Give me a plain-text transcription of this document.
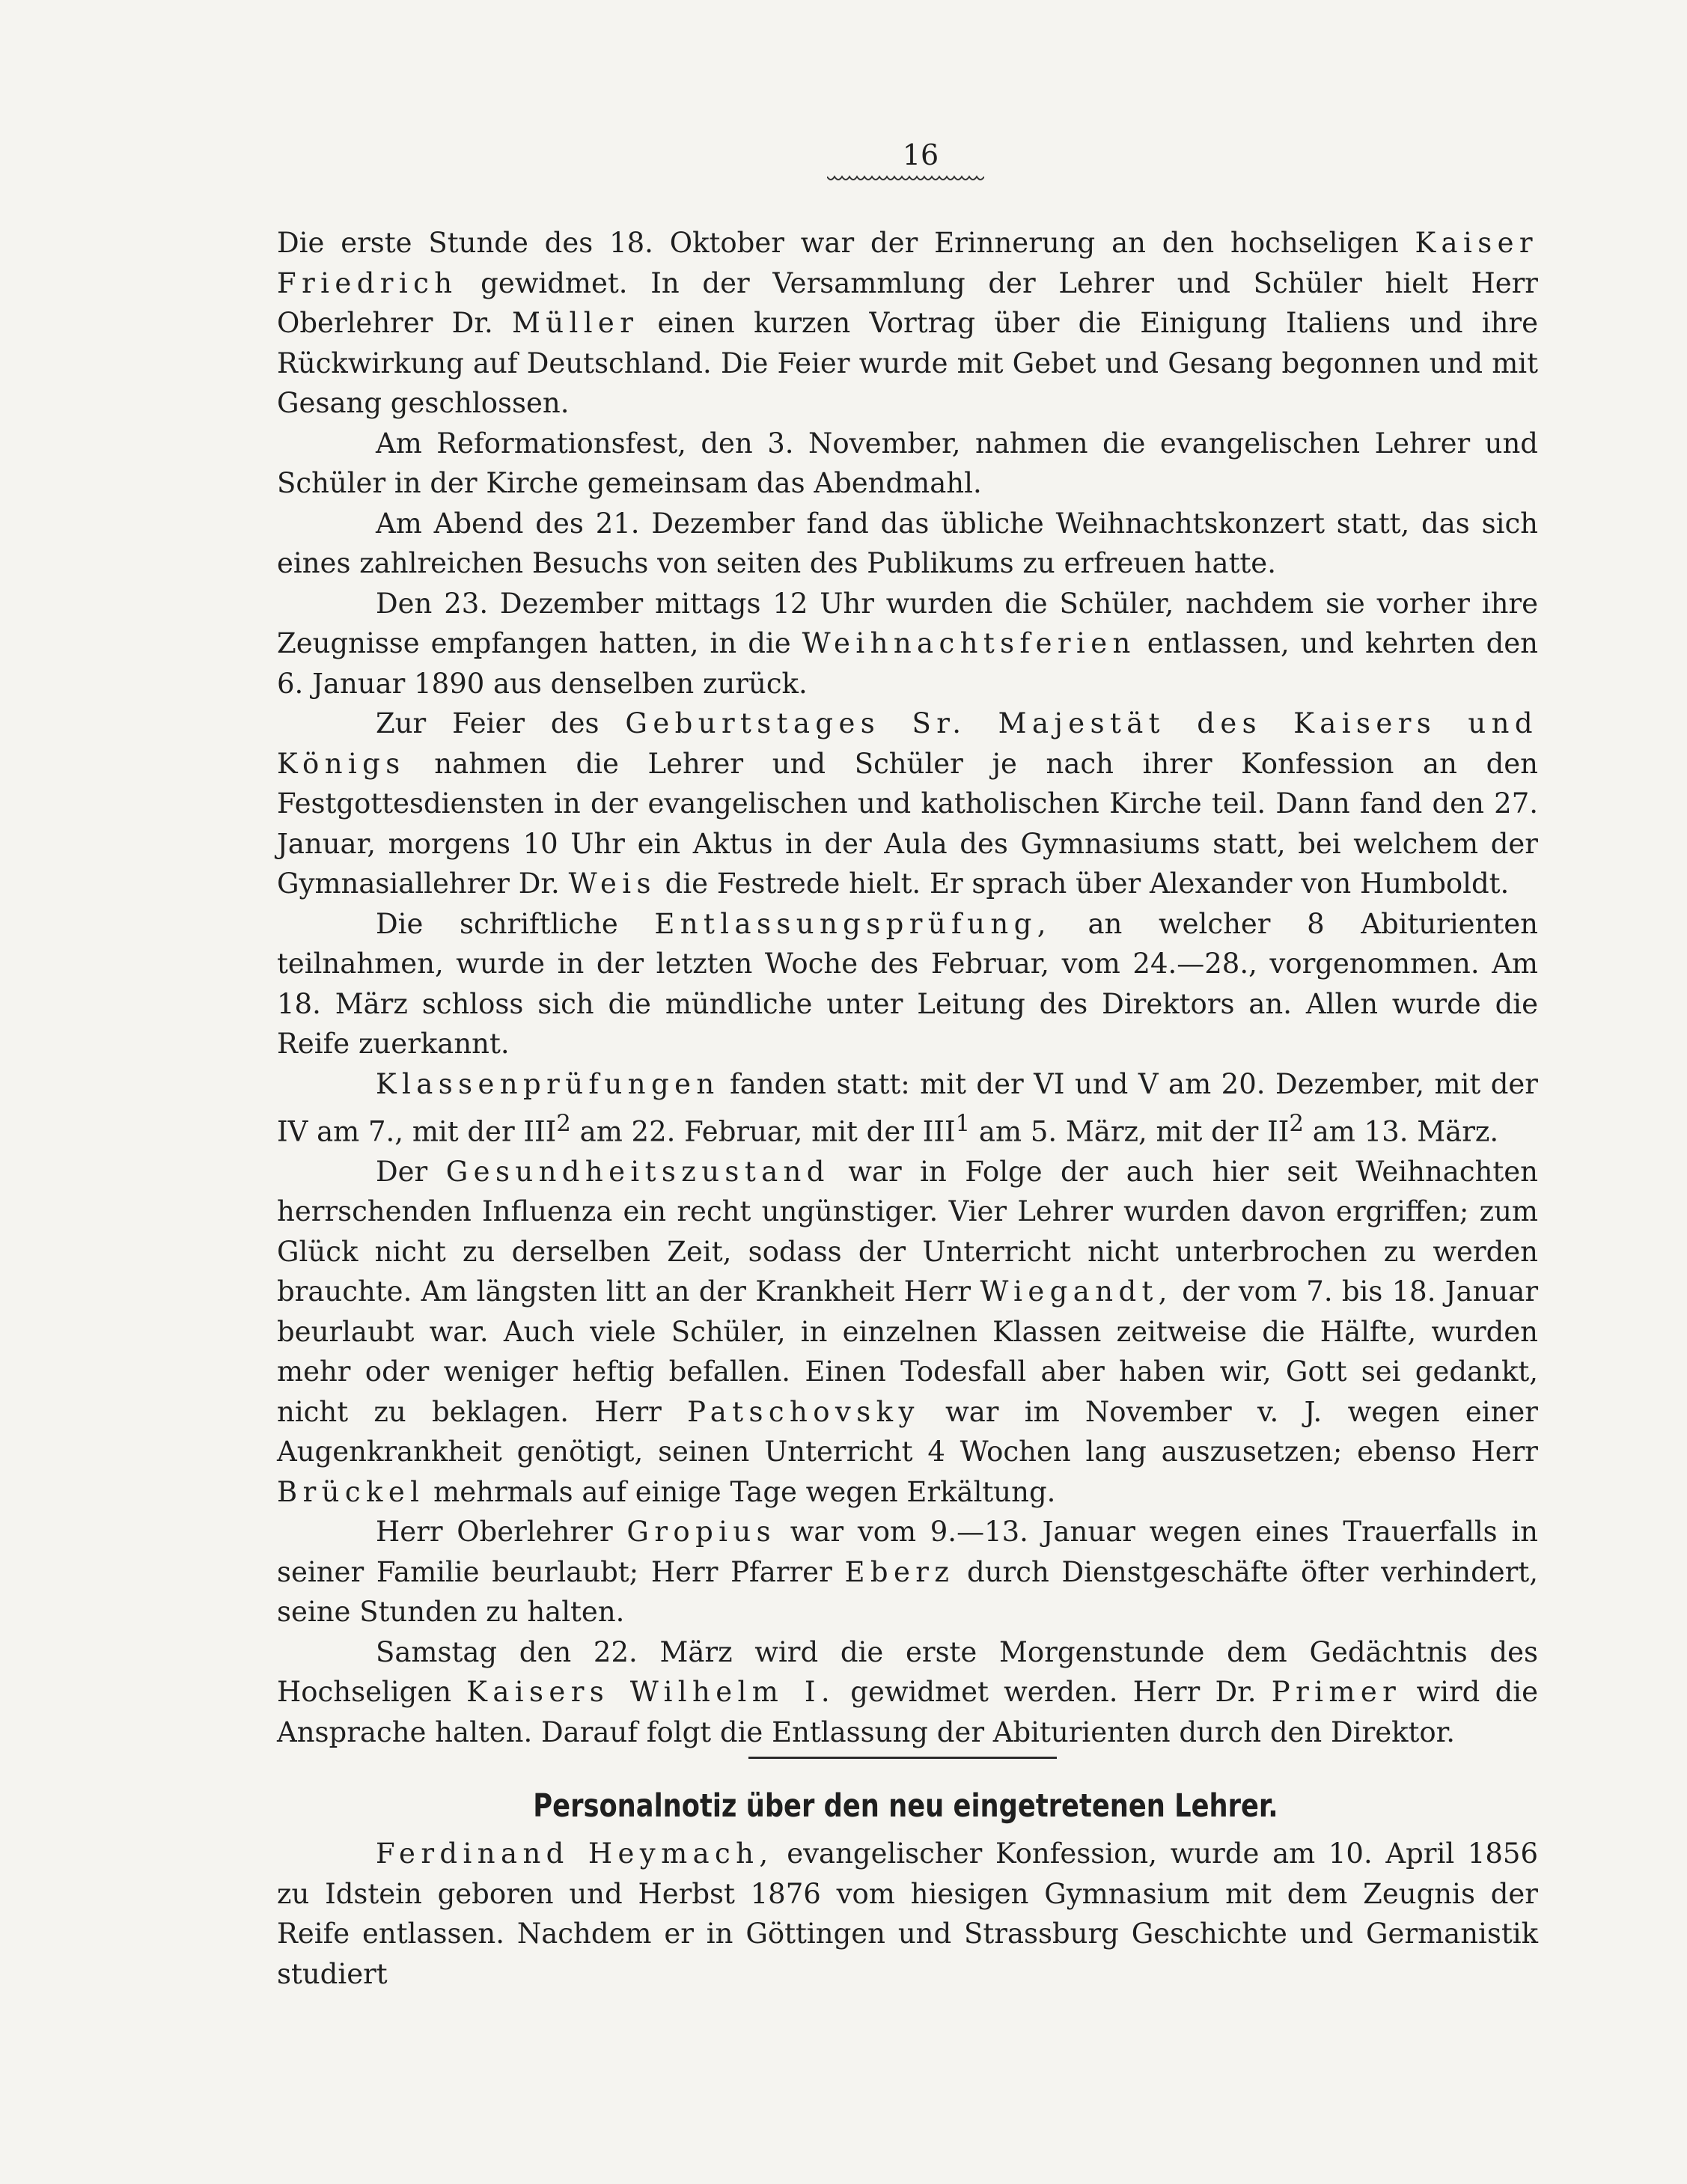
16

Die erste Stunde des 18. Oktober war der Erinnerung an den hochseligen Kaiser Friedrich gewidmet. In der Versammlung der Lehrer und Schüler hielt Herr Oberlehrer Dr. Müller einen kurzen Vortrag über die Einigung Italiens und ihre Rückwirkung auf Deutschland. Die Feier wurde mit Gebet und Gesang begonnen und mit Gesang geschlossen.

Am Reformationsfest, den 3. November, nahmen die evangelischen Lehrer und Schüler in der Kirche gemeinsam das Abendmahl.

Am Abend des 21. Dezember fand das übliche Weihnachtskonzert statt, das sich eines zahlreichen Besuchs von seiten des Publikums zu erfreuen hatte.

Den 23. Dezember mittags 12 Uhr wurden die Schüler, nachdem sie vorher ihre Zeugnisse empfangen hatten, in die Weihnachtsferien entlassen, und kehrten den 6. Januar 1890 aus denselben zurück.

Zur Feier des Geburtstages Sr. Majestät des Kaisers und Königs nahmen die Lehrer und Schüler je nach ihrer Konfession an den Festgottesdiensten in der evangelischen und katholischen Kirche teil. Dann fand den 27. Januar, morgens 10 Uhr ein Aktus in der Aula des Gymnasiums statt, bei welchem der Gymnasiallehrer Dr. Weis die Festrede hielt. Er sprach über Alexander von Humboldt.

Die schriftliche Entlassungsprüfung, an welcher 8 Abiturienten teilnahmen, wurde in der letzten Woche des Februar, vom 24.—28., vorgenommen. Am 18. März schloss sich die mündliche unter Leitung des Direktors an. Allen wurde die Reife zuerkannt.

Klassenprüfungen fanden statt: mit der VI und V am 20. Dezember, mit der IV am 7., mit der III$^2$ am 22. Februar, mit der III$^1$ am 5. März, mit der $II^2$ am 13. März.

Der Gesundheitszustand war in Folge der auch hier seit Weihnachten herrschenden Influenza ein recht ungünstiger. Vier Lehrer wurden davon ergriffen; zum Glück nicht zu derselben Zeit, sodass der Unterricht nicht unterbrochen zu werden brauchte. Am längsten litt an der Krankheit Herr Wiegandt, der vom 7. bis 18. Januar beurlaubt war. Auch viele Schüler, in einzelnen Klassen zeitweise die Hälfte, wurden mehr oder weniger heftig befallen. Einen Todesfall aber haben wir, Gott sei gedankt, nicht zu beklagen. Herr Patschovsky war im November v. J. wegen einer Augenkrankheit genötigt, seinen Unterricht 4 Wochen lang auszusetzen; ebenso Herr Brückel mehrmals auf einige Tage wegen Erkältung.

Herr Oberlehrer Gropius war vom 9.—13. Januar wegen eines Trauerfalls in seiner Familie beurlaubt; Herr Pfarrer Eberz durch Dienstgeschäfte öfter verhindert, seine Stunden zu halten.

Samstag den 22. März wird die erste Morgenstunde dem Gedächtnis des Hochseligen Kaisers Wilhelm I. gewidmet werden. Herr Dr. Primer wird die Ansprache halten. Darauf folgt die Entlassung der Abiturienten durch den Direktor.

Personalnotiz über den neu eingetretenen Lehrer.

Ferdinand Heymach, evangelischer Konfession, wurde am 10. April 1856 zu Idstein geboren und Herbst 1876 vom hiesigen Gymnasium mit dem Zeugnis der Reife entlassen. Nachdem er in Göttingen und Strassburg Geschichte und Germanistik studiert
